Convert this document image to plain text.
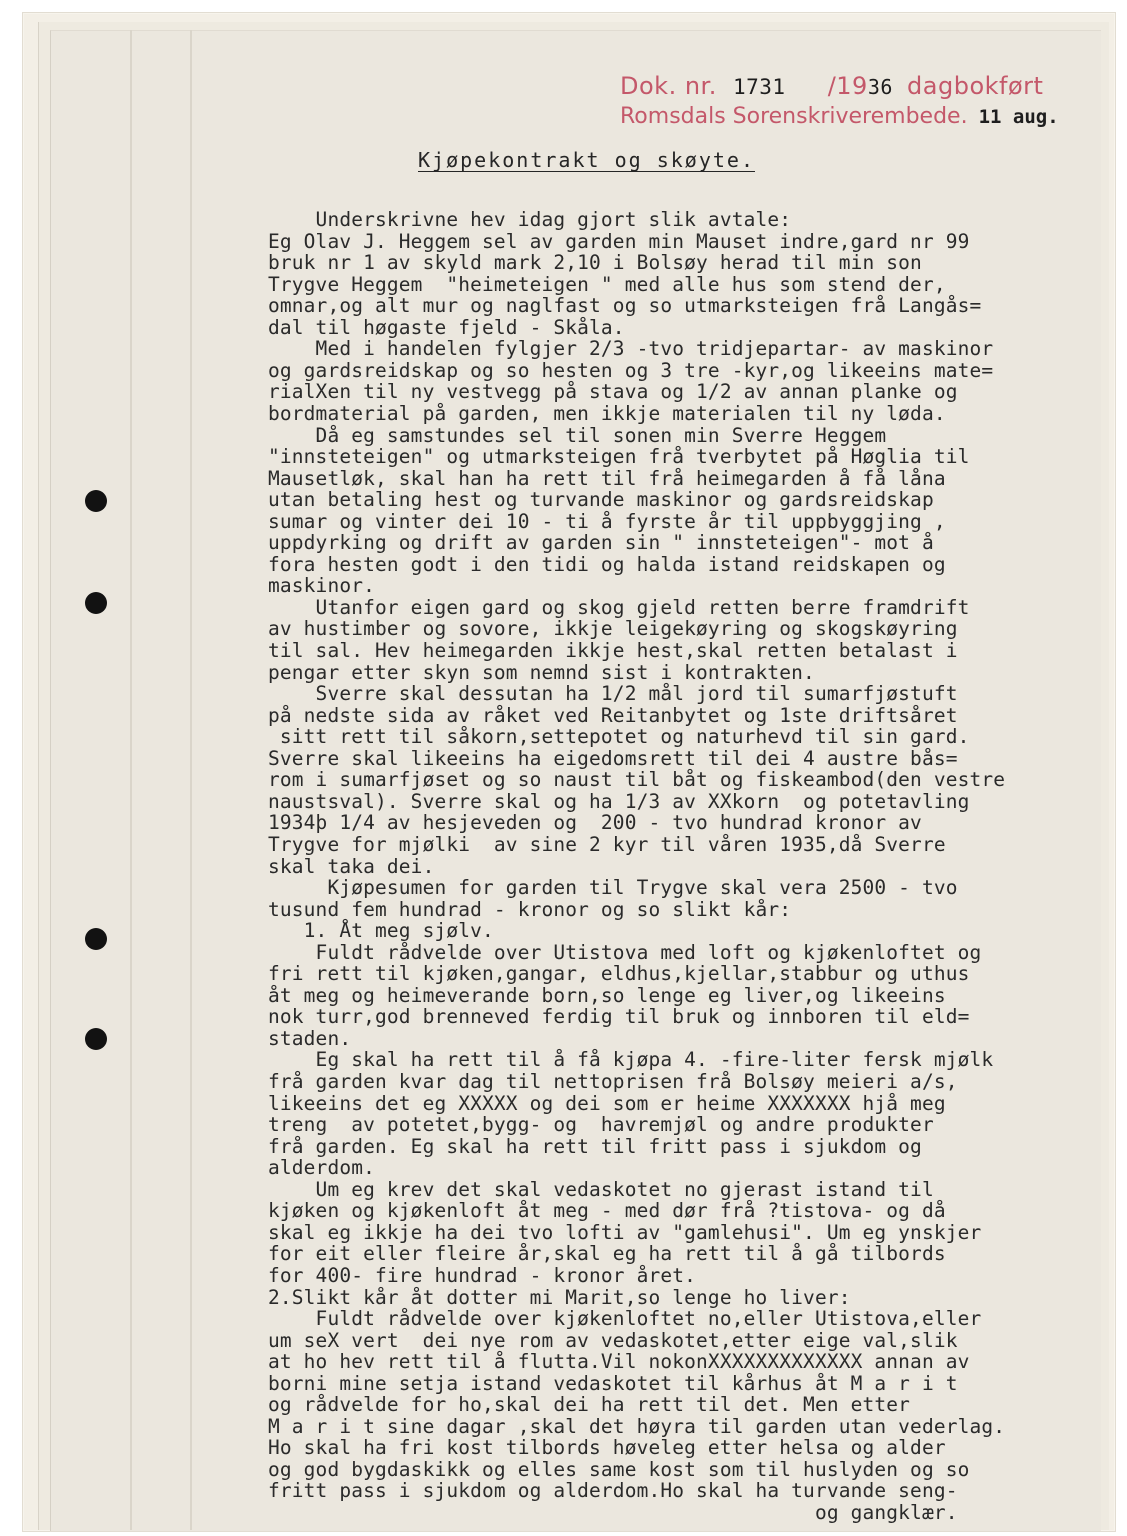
Dok. nr. 1731 /1936 dagbokført
Romsdals Sorenskriverembede. 11 aug.
Kjøpekontrakt og skøyte.
Underskrivne hev idag gjort slik avtale:
Eg Olav J. Heggem sel av garden min Mauset indre,gard nr 99
bruk nr 1 av skyld mark 2,10 i Bolsøy herad til min son
Trygve Heggem  "heimeteigen " med alle hus som stend der,
omnar,og alt mur og naglfast og so utmarksteigen frå Langås=
dal til høgaste fjeld - Skåla.
Med i handelen fylgjer 2/3 -tvo tridjepartar- av maskinor
og gardsreidskap og so hesten og 3 tre -kyr,og likeeins mate=
rialXen til ny vestvegg på stava og 1/2 av annan planke og
bordmaterial på garden, men ikkje materialen til ny løda.
Då eg samstundes sel til sonen min Sverre Heggem
"innsteteigen" og utmarksteigen frå tverbytet på Høglia til
Mausetløk, skal han ha rett til frå heimegarden å få låna
utan betaling hest og turvande maskinor og gardsreidskap
sumar og vinter dei 10 - ti å fyrste år til uppbyggjing ,
uppdyrking og drift av garden sin " innsteteigen"- mot å
fora hesten godt i den tidi og halda istand reidskapen og
maskinor.
Utanfor eigen gard og skog gjeld retten berre framdrift
av hustimber og sovore, ikkje leigekøyring og skogskøyring
til sal. Hev heimegarden ikkje hest,skal retten betalast i
pengar etter skyn som nemnd sist i kontrakten.
Sverre skal dessutan ha 1/2 mål jord til sumarfjøstuft
på nedste sida av råket ved Reitanbytet og 1ste driftsåret
sitt rett til såkorn,settepotet og naturhevd til sin gard.
Sverre skal likeeins ha eigedomsrett til dei 4 austre bås=
rom i sumarfjøset og so naust til båt og fiskeambod(den vestre
naustsval). Sverre skal og ha 1/3 av XXkorn  og potetavling
1934þ 1/4 av hesjeveden og  200 - tvo hundrad kronor av
Trygve for mjølki  av sine 2 kyr til våren 1935,då Sverre
skal taka dei.
Kjøpesumen for garden til Trygve skal vera 2500 - tvo
tusund fem hundrad - kronor og so slikt kår:
1. Åt meg sjølv.
Fuldt rådvelde over Utistova med loft og kjøkenloftet og
fri rett til kjøken,gangar, eldhus,kjellar,stabbur og uthus
åt meg og heimeverande born,so lenge eg liver,og likeeins
nok turr,god brenneved ferdig til bruk og innboren til eld=
staden.
Eg skal ha rett til å få kjøpa 4. -fire-liter fersk mjølk
frå garden kvar dag til nettoprisen frå Bolsøy meieri a/s,
likeeins det eg XXXXX og dei som er heime XXXXXXX hjå meg
treng  av potetet,bygg- og  havremjøl og andre produkter
frå garden. Eg skal ha rett til fritt pass i sjukdom og
alderdom.
Um eg krev det skal vedaskotet no gjerast istand til
kjøken og kjøkenloft åt meg - med dør frå ?tistova- og då
skal eg ikkje ha dei tvo lofti av "gamlehusi". Um eg ynskjer
for eit eller fleire år,skal eg ha rett til å gå tilbords
for 400- fire hundrad - kronor året.
2.Slikt kår åt dotter mi Marit,so lenge ho liver:
Fuldt rådvelde over kjøkenloftet no,eller Utistova,eller
um seX vert  dei nye rom av vedaskotet,etter eige val,slik
at ho hev rett til å flutta.Vil nokonXXXXXXXXXXXXX annan av
borni mine setja istand vedaskotet til kårhus åt M a r i t
og rådvelde for ho,skal dei ha rett til det. Men etter
M a r i t sine dagar ,skal det høyra til garden utan vederlag.
Ho skal ha fri kost tilbords høveleg etter helsa og alder
og god bygdaskikk og elles same kost som til huslyden og so
fritt pass i sjukdom og alderdom.Ho skal ha turvande seng-
og gangklær.
